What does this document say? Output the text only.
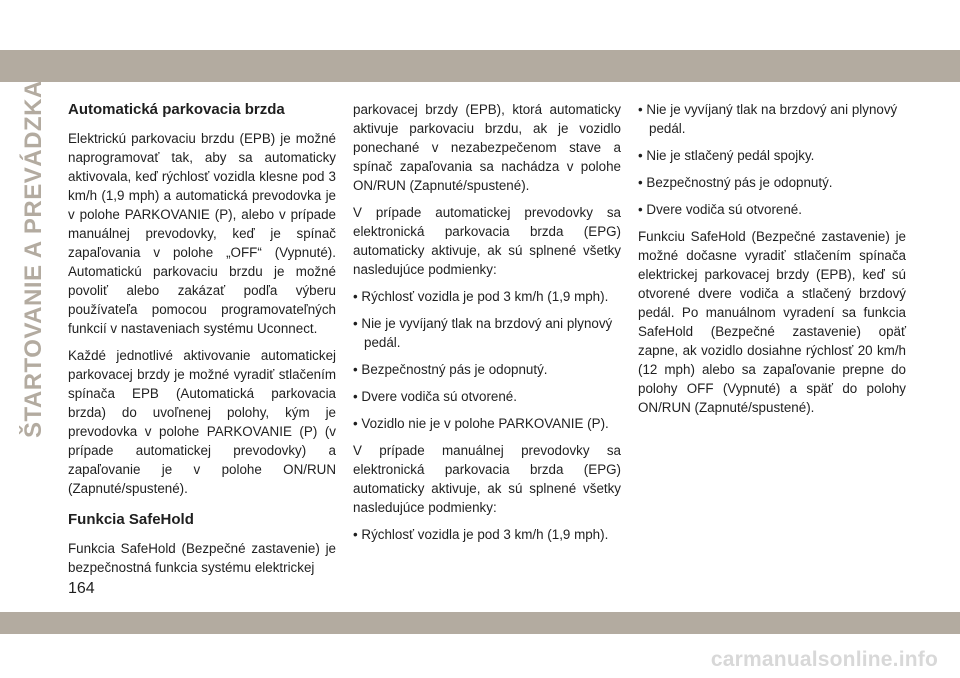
ŠTARTOVANIE A PREVÁDZKA Automatická parkovacia brzda

Elektrickú parkovaciu brzdu (EPB) je možné naprogramovať tak, aby sa automaticky aktivovala, keď rýchlosť vozidla klesne pod 3 km/h (1,9 mph) a automatická prevodovka je v polohe PARKOVANIE (P), alebo v prípade manuálnej prevodovky, keď je spínač zapaľovania v polohe „OFF“ (Vypnuté). Automatickú parkovaciu brzdu je možné povoliť alebo zakázať podľa výberu používateľa pomocou programovateľných funkcií v nastaveniach systému Uconnect.

Každé jednotlivé aktivovanie automatickej parkovacej brzdy je možné vyradiť stlačením spínača EPB (Automatická parkovacia brzda) do uvoľnenej polohy, kým je prevodovka v polohe PARKOVANIE (P) (v prípade automatickej prevodovky) a zapaľovanie je v polohe ON/RUN (Zapnuté/spustené).

Funkcia SafeHold

Funkcia SafeHold (Bezpečné zastavenie) je bezpečnostná funkcia systému elektrickej

parkovacej brzdy (EPB), ktorá automaticky aktivuje parkovaciu brzdu, ak je vozidlo ponechané v nezabezpečenom stave a spínač zapaľovania sa nachádza v polohe ON/RUN (Zapnuté/spustené).

V prípade automatickej prevodovky sa elektronická parkovacia brzda (EPG) automaticky aktivuje, ak sú splnené všetky nasledujúce podmienky:

• Rýchlosť vozidla je pod 3 km/h (1,9 mph).

• Nie je vyvíjaný tlak na brzdový ani plynový pedál.

• Bezpečnostný pás je odopnutý.

• Dvere vodiča sú otvorené.

• Vozidlo nie je v polohe PARKOVANIE (P).

V prípade manuálnej prevodovky sa elektronická parkovacia brzda (EPG) automaticky aktivuje, ak sú splnené všetky nasledujúce podmienky:

• Rýchlosť vozidla je pod 3 km/h (1,9 mph).

• Nie je vyvíjaný tlak na brzdový ani plynový pedál.

• Nie je stlačený pedál spojky.

• Bezpečnostný pás je odopnutý.

• Dvere vodiča sú otvorené.

Funkciu SafeHold (Bezpečné zastavenie) je možné dočasne vyradiť stlačením spínača elektrickej parkovacej brzdy (EPB), keď sú otvorené dvere vodiča a stlačený brzdový pedál. Po manuálnom vyradení sa funkcia SafeHold (Bezpečné zastavenie) opäť zapne, ak vozidlo dosiahne rýchlosť 20 km/h (12 mph) alebo sa zapaľovanie prepne do polohy OFF (Vypnuté) a späť do polohy ON/RUN (Zapnuté/spustené).

164
carmanualsonline.info
